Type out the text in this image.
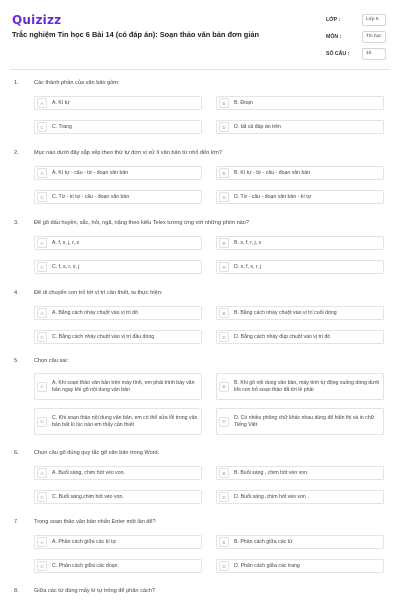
Quizizz
Trắc nghiệm Tin học 6 Bài 14 (có đáp án): Soạn thảo văn bản đơn giản
LỚP :	Lớp 6
MÔN :	Tin học
SỐ CÂU :	10
1.	Các thành phần của văn bản gồm:
A	A. Kí tự	B	B. Đoạn
C	C. Trang	D	D. tất cả đáp án trên
2.	Mục nào dưới đây sắp xếp theo thứ tự đơn vị xử lí văn bản từ nhỏ đến lớn?
A	A. Kí tự - câu - từ - đoạn văn bản	B	B. Kí tự - từ - câu - đoạn văn bản
C	C. Từ - kí tự - câu - đoạn văn bản	D	D. Từ - câu - đoạn văn bản - kí tự
3.	Để gõ dấu huyền, sắc, hỏi, ngã, nặng theo kiểu Telex tương ứng với những phím nào?
A	A. f, s, j, r, x	B	B. s, f, r, j, x
C	C. f, s, r, x, j	D	D. s, f, x, r, j
4.	Để di chuyển con trỏ tới vị trí cần thiết, ta thực hiện:
A	A. Bằng cách nháy chuột vào vị trí đó	B	B. Bằng cách nháy chuột vào vị trí cuối dòng
C	C. Bằng cách nháy chuột vào vị trí đầu dòng	D	D. Bằng cách nháy đúp chuột vào vị trí đó
5.	Chọn câu sai:
A
A. Khi soạn thảo văn bản trên máy tính, em phải trình bày văn bản ngay khi gõ nội dung văn bản	B
B. Khi gõ nội dung văn bản, máy tính tự động xuống dòng dưới khi con trỏ soạn thảo đã tới lề phải
C
C. Khi soạn thảo nội dung văn bản, em có thể sửa lỗi trong văn bản bất kì lúc nào em thấy cần thiết	D
D. Có nhiều phông chữ khác nhau dùng để hiển thị và in chữ Tiếng Việt
6.	Chọn câu gõ đúng quy tắc gõ văn bản trong Word.
A	A. Buổi sáng, chim hót véo von.	B	B. Buổi sáng , chim hót véo von.
C	C. Buổi sáng,chim hót véo von.	D	D. Buổi sáng ,chim hót véo von .
7.	Trong soạn thảo văn bản nhấn Enter một lần để?
A	A. Phân cách giữa các kí tự	B	B. Phân cách giữa các từ
C	C. Phân cách giữa các đoạn	D	D. Phân cách giữa các trang
8.	Giữa các từ dùng mấy kí tự trống để phân cách?
